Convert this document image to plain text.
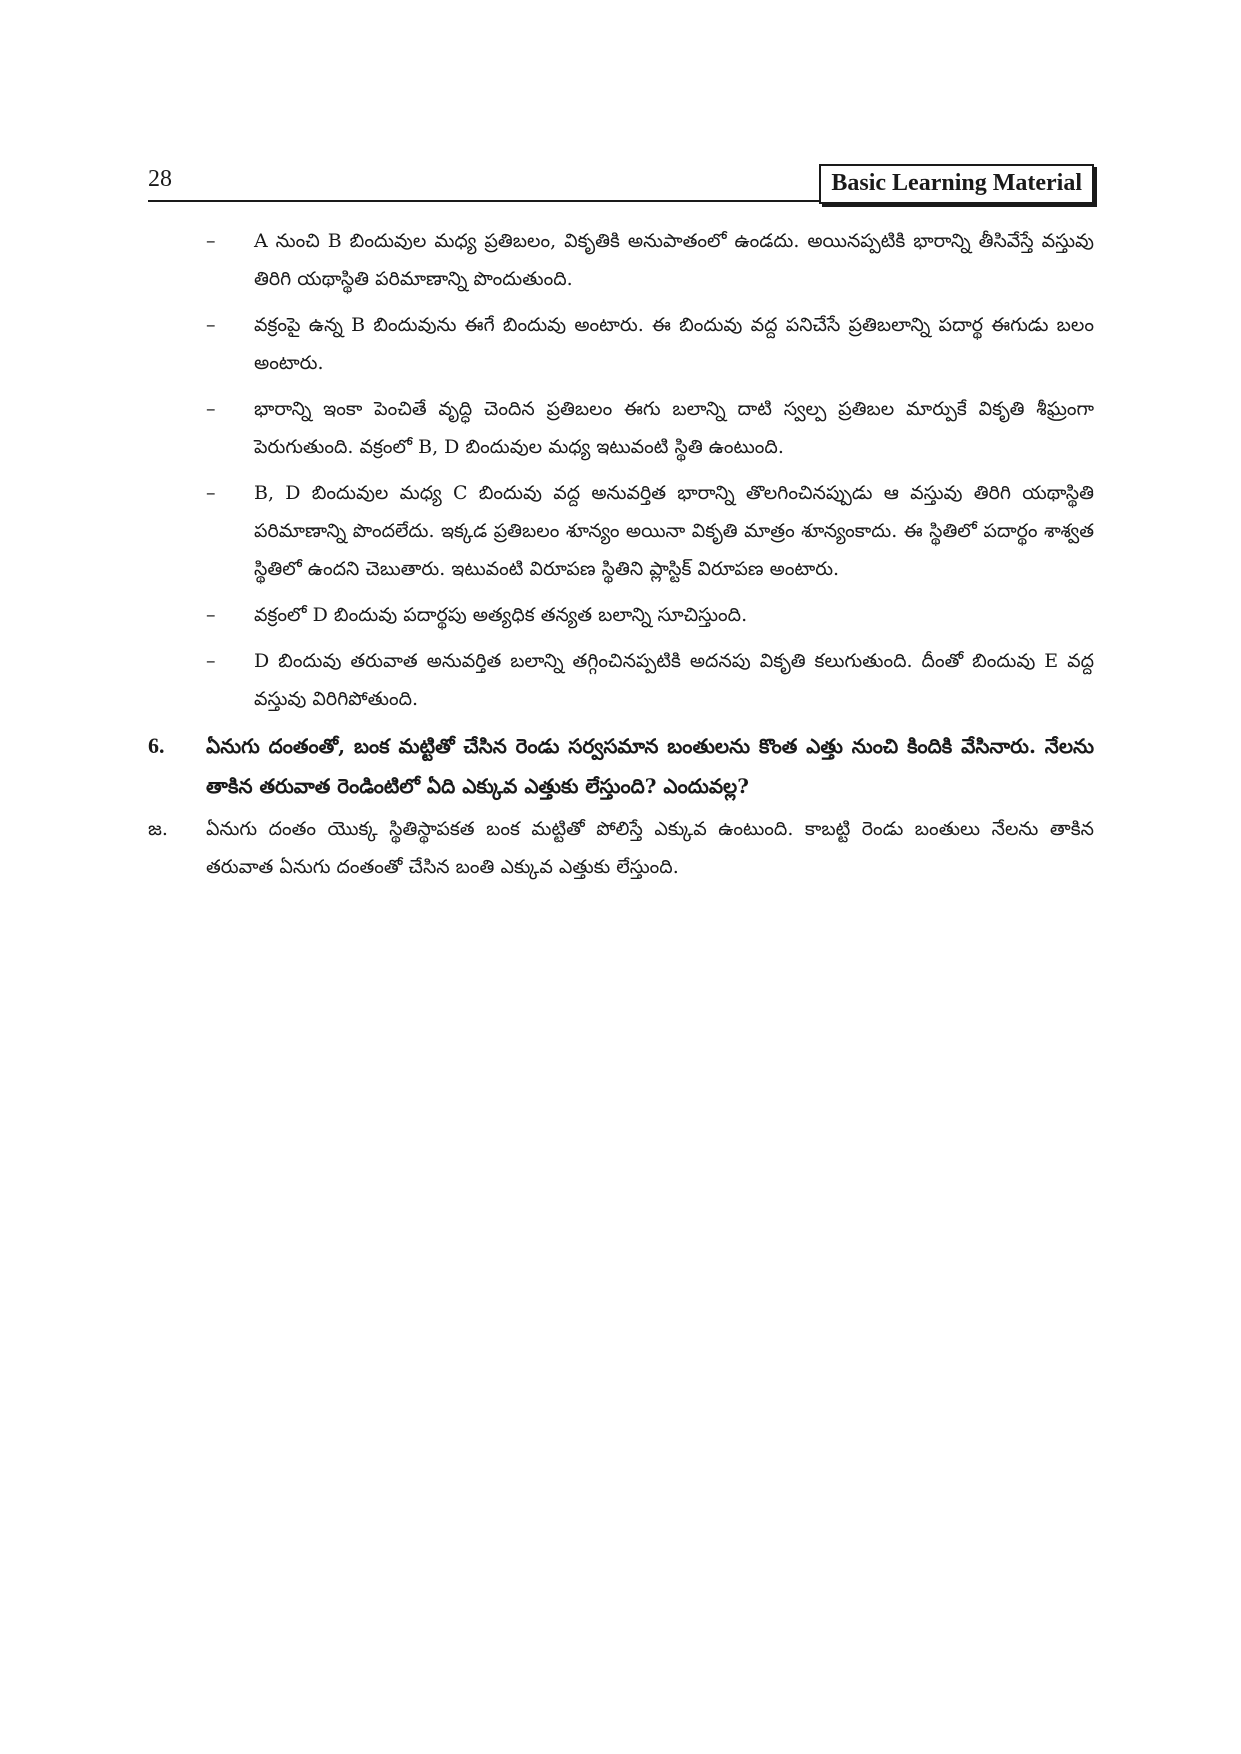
28	Basic Learning Material
– A నుంచి B బిందువుల మధ్య ప్రతిబలం, వికృతికి అనుపాతంలో ఉండదు. అయినప్పటికి భారాన్ని తీసివేస్తే వస్తువు తిరిగి యథాస్థితి పరిమాణాన్ని పొందుతుంది.
– వక్రంపై ఉన్న B బిందువును ఈగే బిందువు అంటారు. ఈ బిందువు వద్ద పనిచేసే ప్రతిబలాన్ని పదార్థ ఈగుడు బలం అంటారు.
– భారాన్ని ఇంకా పెంచితే వృద్ధి చెందిన ప్రతిబలం ఈగు బలాన్ని దాటి స్వల్ప ప్రతిబల మార్పుకే వికృతి శీఘ్రంగా పెరుగుతుంది. వక్రంలో B, D బిందువుల మధ్య ఇటువంటి స్థితి ఉంటుంది.
– B, D బిందువుల మధ్య C బిందువు వద్ద అనువర్తిత భారాన్ని తొలగించినప్పుడు ఆ వస్తువు తిరిగి యథాస్థితి పరిమాణాన్ని పొందలేదు. ఇక్కడ ప్రతిబలం శూన్యం అయినా వికృతి మాత్రం శూన్యంకాదు. ఈ స్థితిలో పదార్థం శాశ్వత స్థితిలో ఉందని చెబుతారు. ఇటువంటి విరూపణ స్థితిని ప్లాస్టిక్ విరూపణ అంటారు.
– వక్రంలో D బిందువు పదార్థపు అత్యధిక తన్యత బలాన్ని సూచిస్తుంది.
– D బిందువు తరువాత అనువర్తిత బలాన్ని తగ్గించినప్పటికి అదనపు వికృతి కలుగుతుంది. దీంతో బిందువు E వద్ద వస్తువు విరిగిపోతుంది.
6. ఏనుగు దంతంతో, బంక మట్టితో చేసిన రెండు సర్వసమాన బంతులను కొంత ఎత్తు నుంచి కిందికి వేసినారు. నేలను తాకిన తరువాత రెండింటిలో ఏది ఎక్కువ ఎత్తుకు లేస్తుంది? ఎందువల్ల?
జ. ఏనుగు దంతం యొక్క స్థితిస్థాపకత బంక మట్టితో పోలిస్తే ఎక్కువ ఉంటుంది. కాబట్టి రెండు బంతులు నేలను తాకిన తరువాత ఏనుగు దంతంతో చేసిన బంతి ఎక్కువ ఎత్తుకు లేస్తుంది.
